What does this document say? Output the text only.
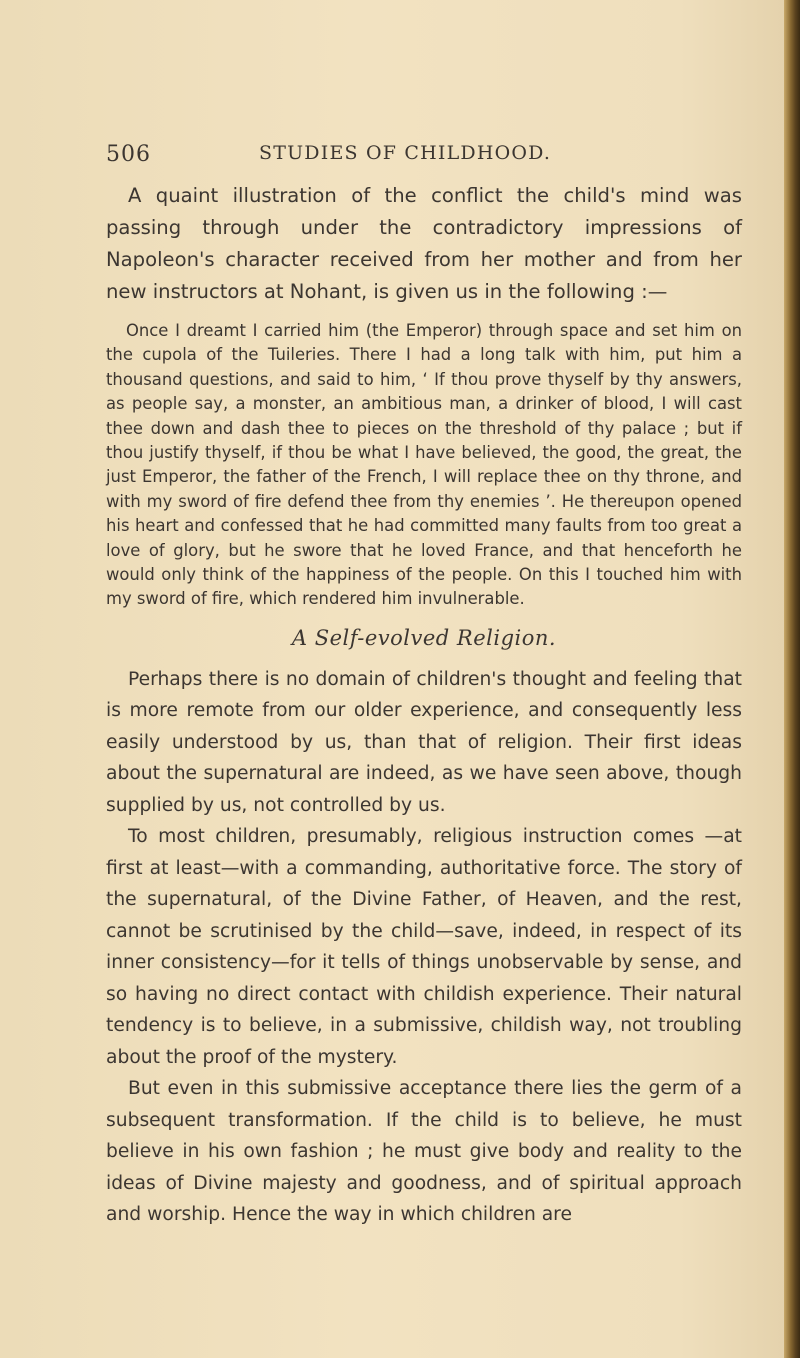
506	STUDIES OF CHILDHOOD.

A quaint illustration of the conflict the child's mind was passing through under the contradictory impressions of Napoleon's character received from her mother and from her new instructors at Nohant, is given us in the following :—

Once I dreamt I carried him (the Emperor) through space and set him on the cupola of the Tuileries. There I had a long talk with him, put him a thousand questions, and said to him, ‘ If thou prove thyself by thy answers, as people say, a monster, an ambitious man, a drinker of blood, I will cast thee down and dash thee to pieces on the threshold of thy palace ; but if thou justify thyself, if thou be what I have believed, the good, the great, the just Emperor, the father of the French, I will replace thee on thy throne, and with my sword of fire defend thee from thy enemies ’. He thereupon opened his heart and confessed that he had committed many faults from too great a love of glory, but he swore that he loved France, and that henceforth he would only think of the happiness of the people. On this I touched him with my sword of fire, which rendered him invulnerable.

A Self-evolved Religion.

Perhaps there is no domain of children's thought and feeling that is more remote from our older experience, and consequently less easily understood by us, than that of religion. Their first ideas about the supernatural are indeed, as we have seen above, though supplied by us, not controlled by us.

To most children, presumably, religious instruction comes —at first at least—with a commanding, authoritative force. The story of the supernatural, of the Divine Father, of Heaven, and the rest, cannot be scrutinised by the child—save, indeed, in respect of its inner consistency—for it tells of things unobservable by sense, and so having no direct contact with childish experience. Their natural tendency is to believe, in a submissive, childish way, not troubling about the proof of the mystery.

But even in this submissive acceptance there lies the germ of a subsequent transformation. If the child is to believe, he must believe in his own fashion ; he must give body and reality to the ideas of Divine majesty and goodness, and of spiritual approach and worship. Hence the way in which children are
